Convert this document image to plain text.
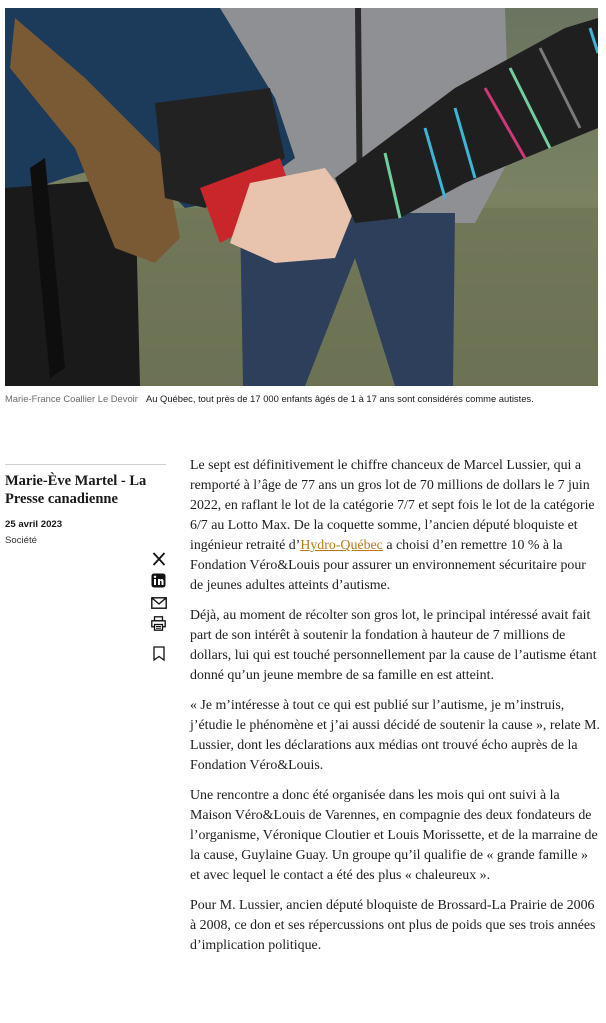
Marie-France Coallier Le Devoir Au Québec, tout près de 17 000 enfants âgés de 1 à 17 ans sont considérés comme autistes.
Marie-Ève Martel - La Presse canadienne
25 avril 2023
Société

Le sept est définitivement le chiffre chanceux de Marcel Lussier, qui a remporté à l’âge de 77 ans un gros lot de 70 millions de dollars le 7 juin 2022, en raflant le lot de la catégorie 7/7 et sept fois le lot de la catégorie 6/7 au Lotto Max. De la coquette somme, l’ancien député bloquiste et ingénieur retraité d’Hydro-Québec a choisi d’en remettre 10 % à la Fondation Véro&Louis pour assurer un environnement sécuritaire pour de jeunes adultes atteints d’autisme.

Déjà, au moment de récolter son gros lot, le principal intéressé avait fait part de son intérêt à soutenir la fondation à hauteur de 7 millions de dollars, lui qui est touché personnellement par la cause de l’autisme étant donné qu’un jeune membre de sa famille en est atteint.

« Je m’intéresse à tout ce qui est publié sur l’autisme, je m’instruis, j’étudie le phénomène et j’ai aussi décidé de soutenir la cause », relate M. Lussier, dont les déclarations aux médias ont trouvé écho auprès de la Fondation Véro&Louis.

Une rencontre a donc été organisée dans les mois qui ont suivi à la Maison Véro&Louis de Varennes, en compagnie des deux fondateurs de l’organisme, Véronique Cloutier et Louis Morissette, et de la marraine de la cause, Guylaine Guay. Un groupe qu’il qualifie de « grande famille » et avec lequel le contact a été des plus « chaleureux ».

Pour M. Lussier, ancien député bloquiste de Brossard-La Prairie de 2006 à 2008, ce don et ses répercussions ont plus de poids que ses trois années d’implication politique.
